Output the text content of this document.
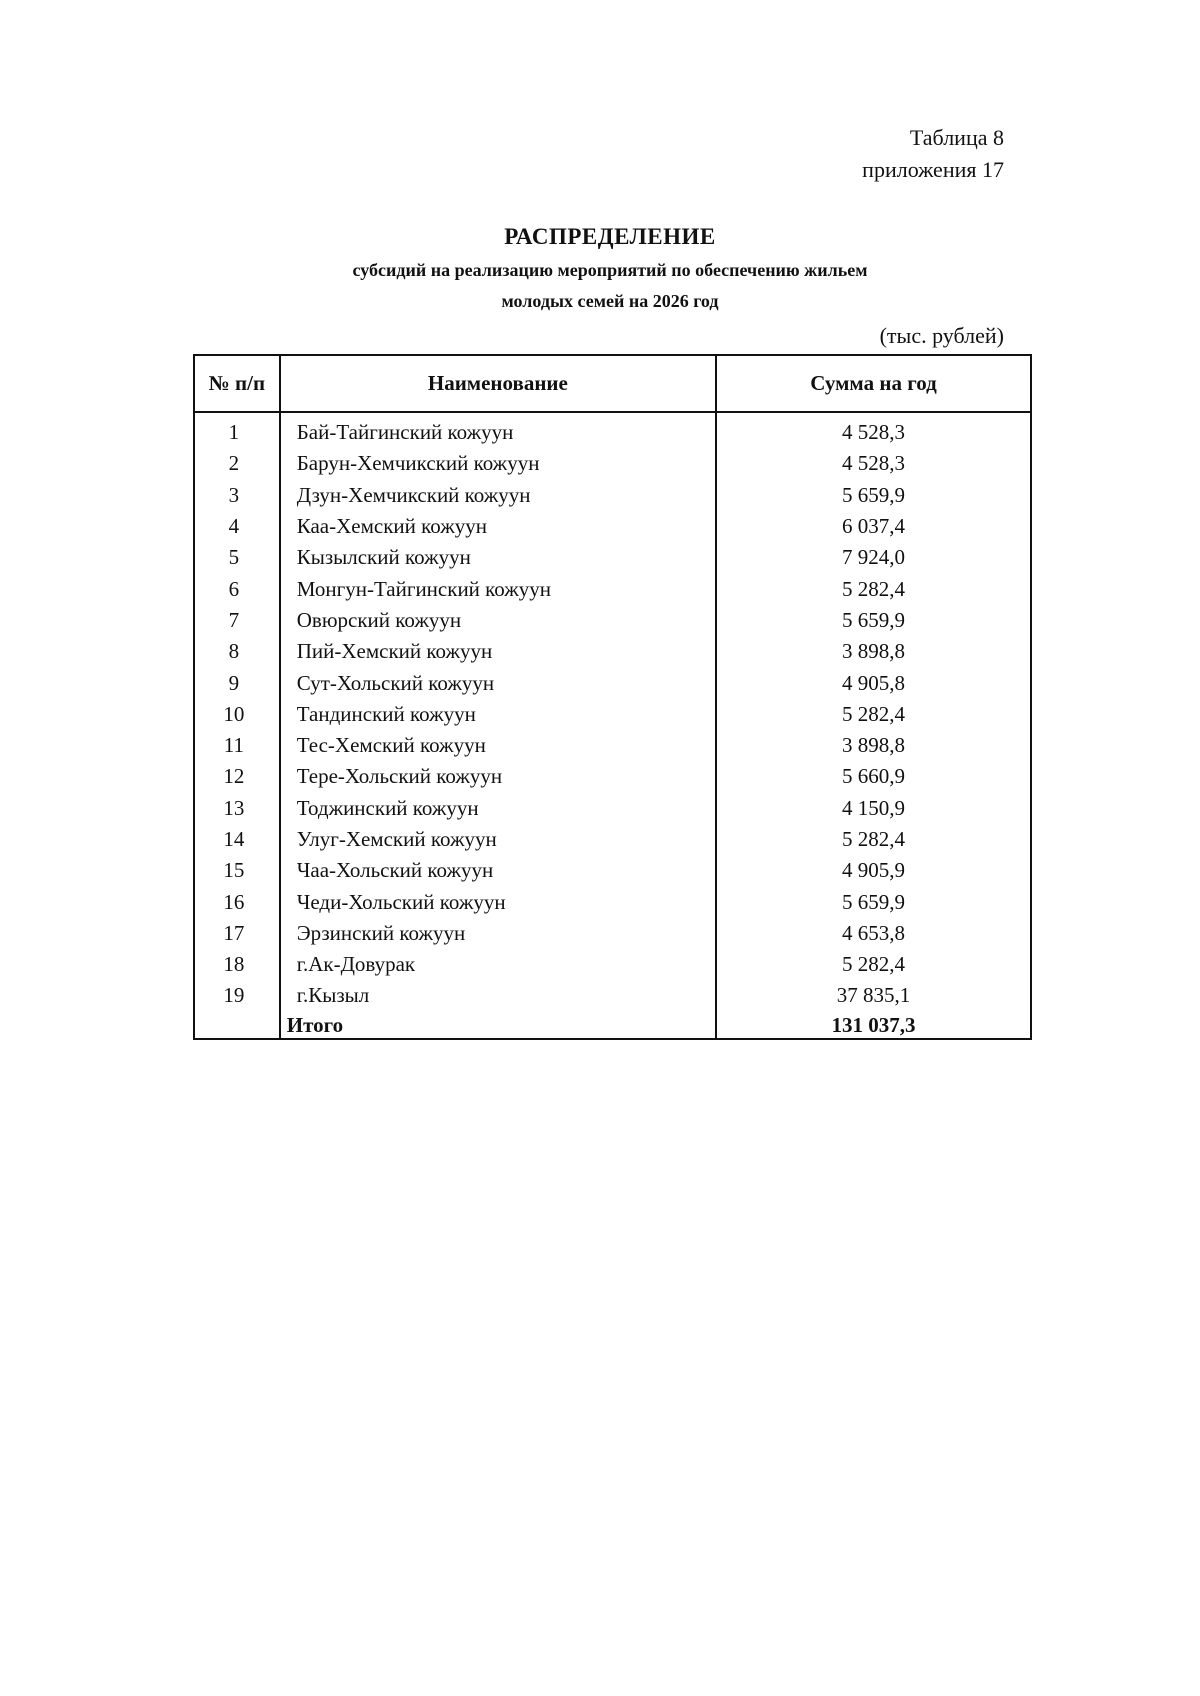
Таблица 8
приложения 17
РАСПРЕДЕЛЕНИЕ
субсидий на реализацию мероприятий по обеспечению жильем
молодых семей на 2026 год
(тыс. рублей)
№ п/п	Наименование	Сумма на год
1	Бай-Тайгинский кожуун	4 528,3
2	Барун-Хемчикский кожуун	4 528,3
3	Дзун-Хемчикский кожуун	5 659,9
4	Каа-Хемский кожуун	6 037,4
5	Кызылский кожуун	7 924,0
6	Монгун-Тайгинский кожуун	5 282,4
7	Овюрский кожуун	5 659,9
8	Пий-Хемский кожуун	3 898,8
9	Сут-Хольский кожуун	4 905,8
10	Тандинский кожуун	5 282,4
11	Тес-Хемский кожуун	3 898,8
12	Тере-Хольский кожуун	5 660,9
13	Тоджинский кожуун	4 150,9
14	Улуг-Хемский кожуун	5 282,4
15	Чаа-Хольский кожуун	4 905,9
16	Чеди-Хольский кожуун	5 659,9
17	Эрзинский кожуун	4 653,8
18	г.Ак-Довурак	5 282,4
19	г.Кызыл	37 835,1
	Итого	131 037,3
